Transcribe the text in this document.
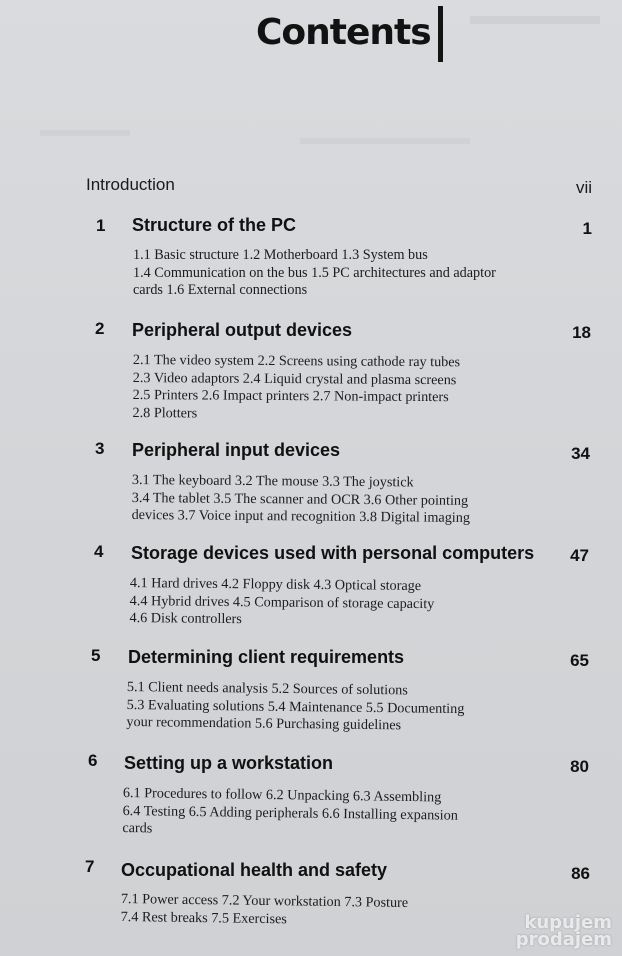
Contents
Introduction	vii
1 Structure of the PC	1
1.1 Basic structure 1.2 Motherboard 1.3 System bus
1.4 Communication on the bus 1.5 PC architectures and adaptor
cards 1.6 External connections
2 Peripheral output devices	18
2.1 The video system 2.2 Screens using cathode ray tubes
2.3 Video adaptors 2.4 Liquid crystal and plasma screens
2.5 Printers 2.6 Impact printers 2.7 Non-impact printers
2.8 Plotters
3 Peripheral input devices	34
3.1 The keyboard 3.2 The mouse 3.3 The joystick
3.4 The tablet 3.5 The scanner and OCR 3.6 Other pointing
devices 3.7 Voice input and recognition 3.8 Digital imaging
4 Storage devices used with personal computers	47
4.1 Hard drives 4.2 Floppy disk 4.3 Optical storage
4.4 Hybrid drives 4.5 Comparison of storage capacity
4.6 Disk controllers
5 Determining client requirements	65
5.1 Client needs analysis 5.2 Sources of solutions
5.3 Evaluating solutions 5.4 Maintenance 5.5 Documenting
your recommendation 5.6 Purchasing guidelines
6 Setting up a workstation	80
6.1 Procedures to follow 6.2 Unpacking 6.3 Assembling
6.4 Testing 6.5 Adding peripherals 6.6 Installing expansion
cards
7 Occupational health and safety	86
7.1 Power access 7.2 Your workstation 7.3 Posture
7.4 Rest breaks 7.5 Exercises	kupujem
prodajem
